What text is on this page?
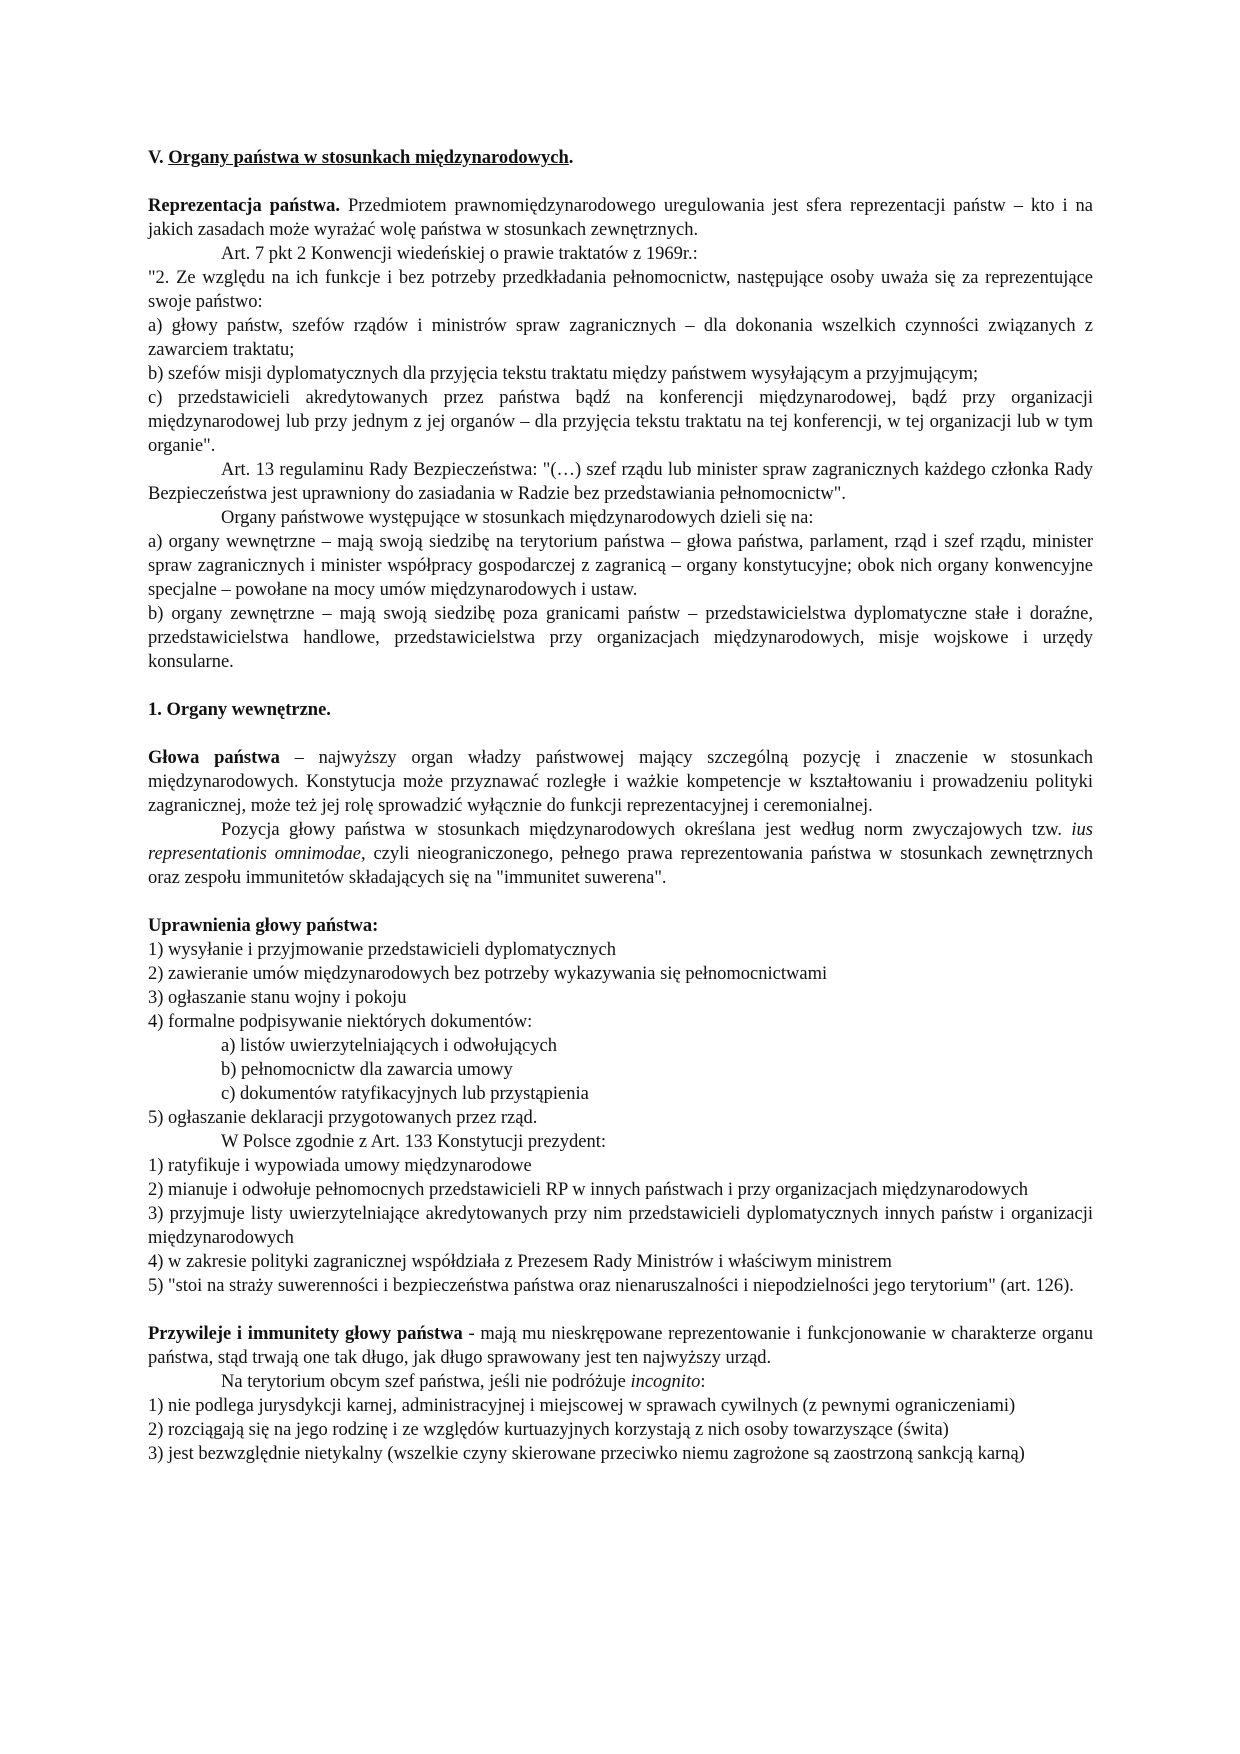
V. Organy państwa w stosunkach międzynarodowych.

Reprezentacja państwa. Przedmiotem prawnomiędzynarodowego uregulowania jest sfera reprezentacji państw – kto i na jakich zasadach może wyrażać wolę państwa w stosunkach zewnętrznych.

Art. 7 pkt 2 Konwencji wiedeńskiej o prawie traktatów z 1969r.:

"2. Ze względu na ich funkcje i bez potrzeby przedkładania pełnomocnictw, następujące osoby uważa się za reprezentujące swoje państwo:

a) głowy państw, szefów rządów i ministrów spraw zagranicznych – dla dokonania wszelkich czynności związanych z zawarciem traktatu;

b) szefów misji dyplomatycznych dla przyjęcia tekstu traktatu między państwem wysyłającym a przyjmującym;

c) przedstawicieli akredytowanych przez państwa bądź na konferencji międzynarodowej, bądź przy organizacji międzynarodowej lub przy jednym z jej organów – dla przyjęcia tekstu traktatu na tej konferencji, w tej organizacji lub w tym organie".

Art. 13 regulaminu Rady Bezpieczeństwa: "(…) szef rządu lub minister spraw zagranicznych każdego członka Rady Bezpieczeństwa jest uprawniony do zasiadania w Radzie bez przedstawiania pełnomocnictw".

Organy państwowe występujące w stosunkach międzynarodowych dzieli się na:

a) organy wewnętrzne – mają swoją siedzibę na terytorium państwa – głowa państwa, parlament, rząd i szef rządu, minister spraw zagranicznych i minister współpracy gospodarczej z zagranicą – organy konstytucyjne; obok nich organy konwencyjne specjalne – powołane na mocy umów międzynarodowych i ustaw.

b) organy zewnętrzne – mają swoją siedzibę poza granicami państw – przedstawicielstwa dyplomatyczne stałe i doraźne, przedstawicielstwa handlowe, przedstawicielstwa przy organizacjach międzynarodowych, misje wojskowe i urzędy konsularne.

1. Organy wewnętrzne.

Głowa państwa – najwyższy organ władzy państwowej mający szczególną pozycję i znaczenie w stosunkach międzynarodowych. Konstytucja może przyznawać rozległe i ważkie kompetencje w kształtowaniu i prowadzeniu polityki zagranicznej, może też jej rolę sprowadzić wyłącznie do funkcji reprezentacyjnej i ceremonialnej.

Pozycja głowy państwa w stosunkach międzynarodowych określana jest według norm zwyczajowych tzw. ius representationis omnimodae, czyli nieograniczonego, pełnego prawa reprezentowania państwa w stosunkach zewnętrznych oraz zespołu immunitetów składających się na "immunitet suwerena".

Uprawnienia głowy państwa:

1) wysyłanie i przyjmowanie przedstawicieli dyplomatycznych

2) zawieranie umów międzynarodowych bez potrzeby wykazywania się pełnomocnictwami

3) ogłaszanie stanu wojny i pokoju

4) formalne podpisywanie niektórych dokumentów:

a) listów uwierzytelniających i odwołujących

b) pełnomocnictw dla zawarcia umowy

c) dokumentów ratyfikacyjnych lub przystąpienia

5) ogłaszanie deklaracji przygotowanych przez rząd.

W Polsce zgodnie z Art. 133 Konstytucji prezydent:

1) ratyfikuje i wypowiada umowy międzynarodowe

2) mianuje i odwołuje pełnomocnych przedstawicieli RP w innych państwach i przy organizacjach międzynarodowych

3) przyjmuje listy uwierzytelniające akredytowanych przy nim przedstawicieli dyplomatycznych innych państw i organizacji międzynarodowych

4) w zakresie polityki zagranicznej współdziała z Prezesem Rady Ministrów i właściwym ministrem

5) "stoi na straży suwerenności i bezpieczeństwa państwa oraz nienaruszalności i niepodzielności jego terytorium" (art. 126).

Przywileje i immunitety głowy państwa - mają mu nieskrępowane reprezentowanie i funkcjonowanie w charakterze organu państwa, stąd trwają one tak długo, jak długo sprawowany jest ten najwyższy urząd.

Na terytorium obcym szef państwa, jeśli nie podróżuje incognito:

1) nie podlega jurysdykcji karnej, administracyjnej i miejscowej w sprawach cywilnych (z pewnymi ograniczeniami)

2) rozciągają się na jego rodzinę i ze względów kurtuazyjnych korzystają z nich osoby towarzyszące (świta)

3) jest bezwzględnie nietykalny (wszelkie czyny skierowane przeciwko niemu zagrożone są zaostrzoną sankcją karną)
